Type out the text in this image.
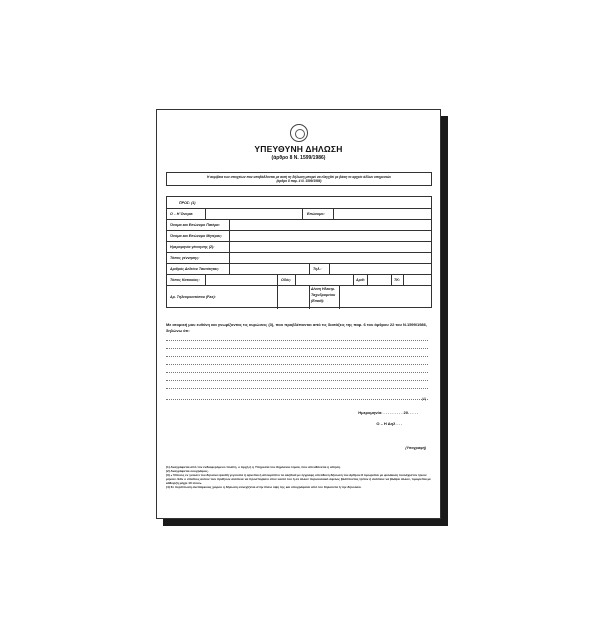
ΥΠΕΥΘΥΝΗ ΔΗΛΩΣΗ
(άρθρο 8 Ν. 1599/1986)
Η ακρίβεια των στοιχείων που υποβάλλονται με αυτή τη δήλωση μπορεί να ελεγχθεί με βάση το αρχείο άλλων υπηρεσιών
(άρθρο 8 παρ. 4 Ν. 1599/1986)
ΠΡΟΣ: (1)
Ο – Η Όνομα:	Επώνυμο:
Όνομα και Επώνυμο Πατέρα:
Όνομα και Επώνυμο Μητέρας:
Ημερομηνία γέννησης (2):
Τόπος γέννησης:
Αριθμός Δελτίου Ταυτότητας:	Τηλ.:
Τόπος Κατοικίας:	Οδός:	Αριθ:	ΤΚ:
Αρ. Τηλεομοιοτύπου (Fax):
Δ/νση Ηλεκτρ.
Ταχυδρομείου
(Εmail):
Με ατομική μου ευθύνη και γνωρίζοντας τις κυρώσεις (3), που προβλέπονται από τις διατάξεις της παρ. 6 του άρθρου 22 του Ν.1599/1986, δηλώνω ότι:
(4)
Ημερομηνία: . . . . . . . . . 20. . . . .
Ο – Η Δηλ . . .
(Υπογραφή)
(1) Αναγράφεται από τον ενδιαφερόμενο πολίτη, ο Αρχή ή η Υπηρεσία του δημόσιου τομέα, που απευθύνεται η αίτηση.
(2) Αναγράφεται ολογράφως.
(3) « Όποιος εν γνώσει του δηλώνει ψευδή γεγονότα ή αρνείται ή αποκρύπτει τα αληθινά με έγγραφη υπεύθυνη δήλωση του άρθρου 8 τιμωρείται με φυλάκιση τουλάχιστον τριών μηνών. Εάν ο υπαίτιος αυτών των πράξεων σκόπευε να προσπορίσει στον εαυτό του ή σε άλλον περιουσιακό όφελος βλάπτοντας τρίτον ή σκόπευε να βλάψει άλλον, τιμωρείται με κάθειρξη μέχρι 10 ετών».
(4) Σε περίπτωση ανεπάρκειας χώρου η δήλωση συνεχίζεται στην πίσω όψη της και υπογράφεται από τον δηλούντα ή την δηλούσα.
